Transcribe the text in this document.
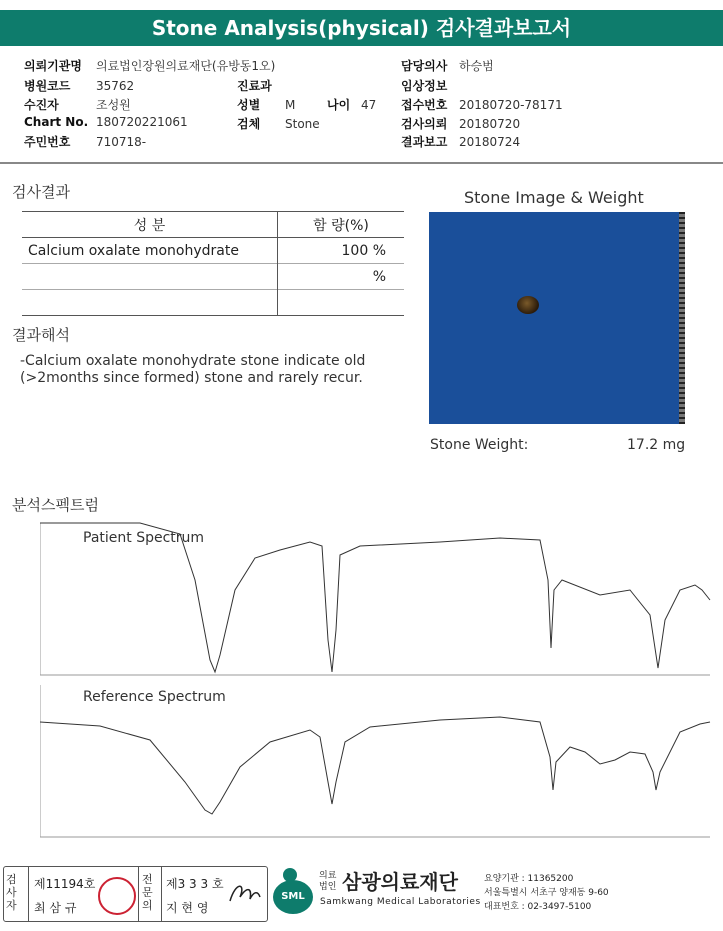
Stone Analysis(physical) 검사결과보고서
의뢰기관명 의료법인장원의료재단(유방동1오)
병원코드 35762
수진자	조성원
Chart No. 180720221061
주민번호 710718-
진료과
성별 M	나이 47
검체 Stone
담당의사 하승범
임상정보
접수번호 20180720-78171
검사의뢰 20180720
결과보고 20180724
검사결과
성 분	함 량(%)
Calcium oxalate monohydrate	100 %
	%

결과해석
-Calcium oxalate monohydrate stone indicate old
(>2months since formed) stone and rarely recur.
Stone Image & Weight
Stone Weight:	17.2 mg
분석스펙트럼
Patient Spectrum
Reference Spectrum
검사자
제11194호
최 삼 규
전문의
제3 3 3 호
지 현 영
SML
의료
법인 삼광의료재단
Samkwang Medical Laboratories
요양기관 : 11365200
서울특별시 서초구 양재동 9-60
대표번호 : 02-3497-5100
